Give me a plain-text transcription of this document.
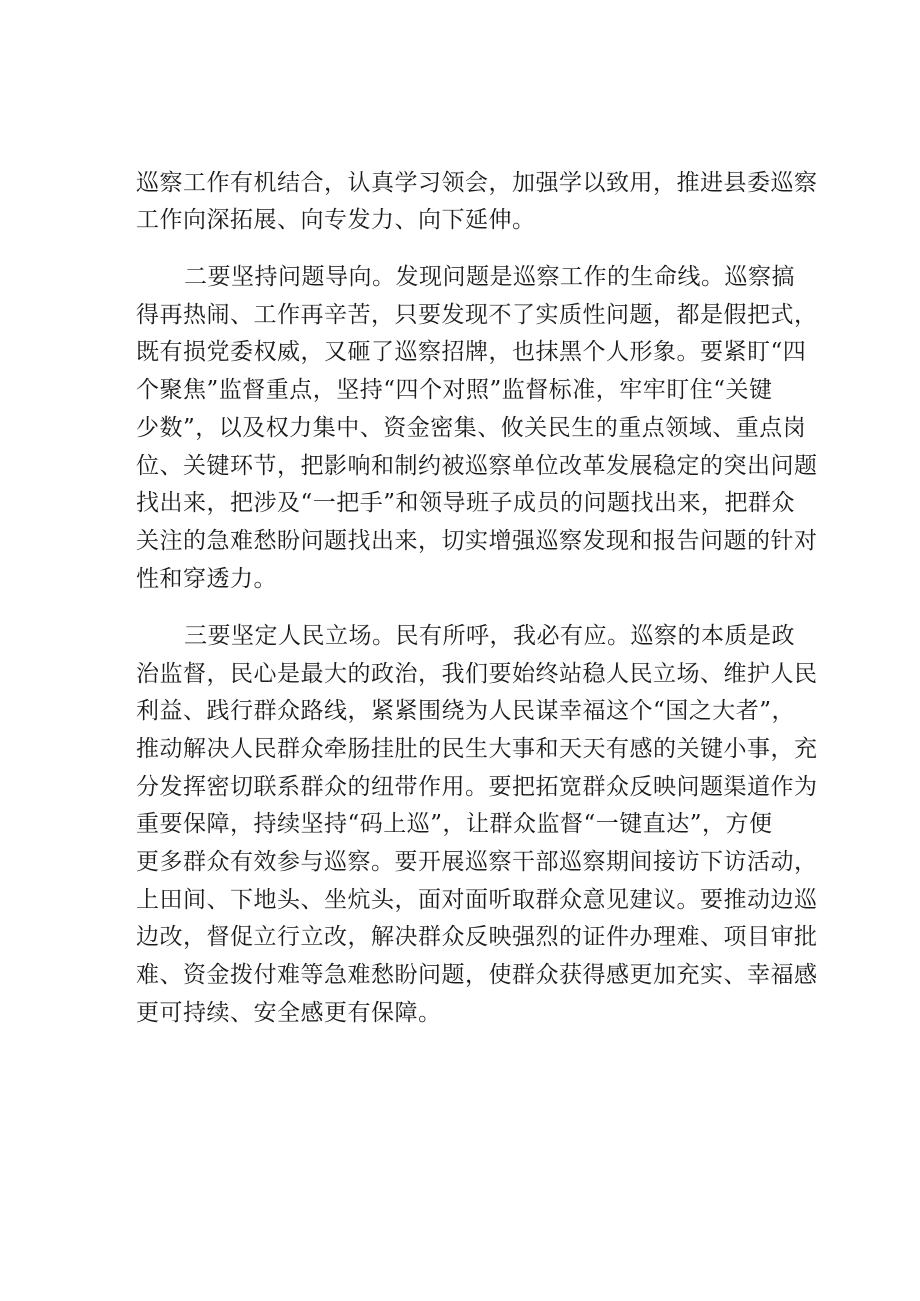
巡察工作有机结合，认真学习领会，加强学以致用，推进县委巡察
工作向深拓展、向专发力、向下延伸。
二要坚持问题导向。发现问题是巡察工作的生命线。巡察搞
得再热闹、工作再辛苦，只要发现不了实质性问题，都是假把式，
既有损党委权威，又砸了巡察招牌，也抹黑个人形象。要紧盯“四
个聚焦”监督重点，坚持“四个对照”监督标准，牢牢盯住“关键
少数”，以及权力集中、资金密集、攸关民生的重点领域、重点岗
位、关键环节，把影响和制约被巡察单位改革发展稳定的突出问题
找出来，把涉及“一把手”和领导班子成员的问题找出来，把群众
关注的急难愁盼问题找出来，切实增强巡察发现和报告问题的针对
性和穿透力。
三要坚定人民立场。民有所呼，我必有应。巡察的本质是政
治监督，民心是最大的政治，我们要始终站稳人民立场、维护人民
利益、践行群众路线，紧紧围绕为人民谋幸福这个“国之大者”，
推动解决人民群众牵肠挂肚的民生大事和天天有感的关键小事，充
分发挥密切联系群众的纽带作用。要把拓宽群众反映问题渠道作为
重要保障，持续坚持“码上巡”，让群众监督“一键直达”，方便
更多群众有效参与巡察。要开展巡察干部巡察期间接访下访活动，
上田间、下地头、坐炕头，面对面听取群众意见建议。要推动边巡
边改，督促立行立改，解决群众反映强烈的证件办理难、项目审批
难、资金拨付难等急难愁盼问题，使群众获得感更加充实、幸福感
更可持续、安全感更有保障。
